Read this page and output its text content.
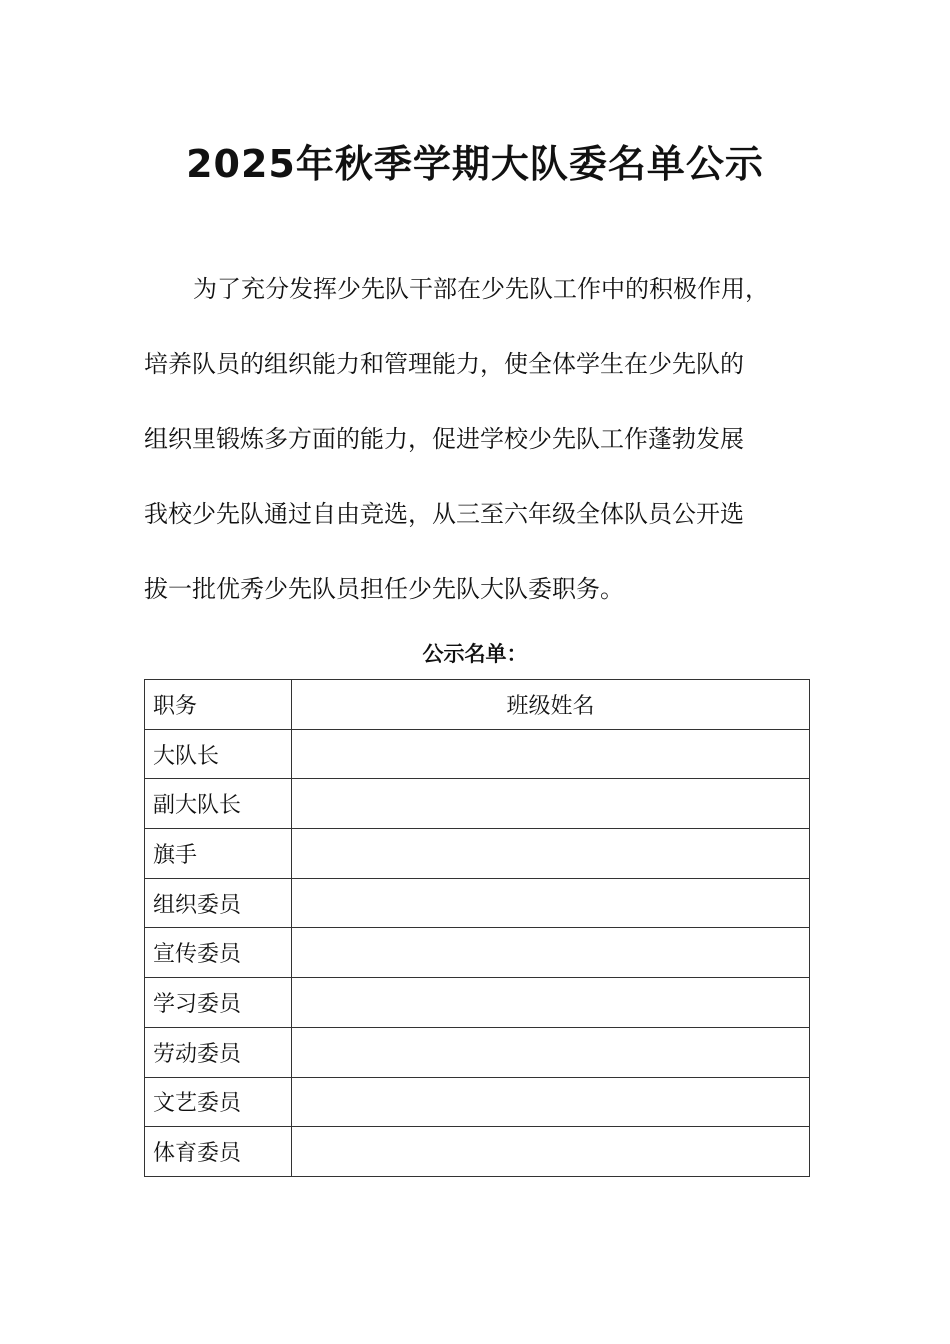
2025年秋季学期大队委名单公示
为了充分发挥少先队干部在少先队工作中的积极作用，
培养队员的组织能力和管理能力，使全体学生在少先队的
组织里锻炼多方面的能力，促进学校少先队工作蓬勃发展
我校少先队通过自由竞选，从三至六年级全体队员公开选
拔一批优秀少先队员担任少先队大队委职务。
公示名单：
职务	班级姓名
大队长	
副大队长	
旗手	
组织委员	
宣传委员	
学习委员	
劳动委员	
文艺委员	
体育委员	
